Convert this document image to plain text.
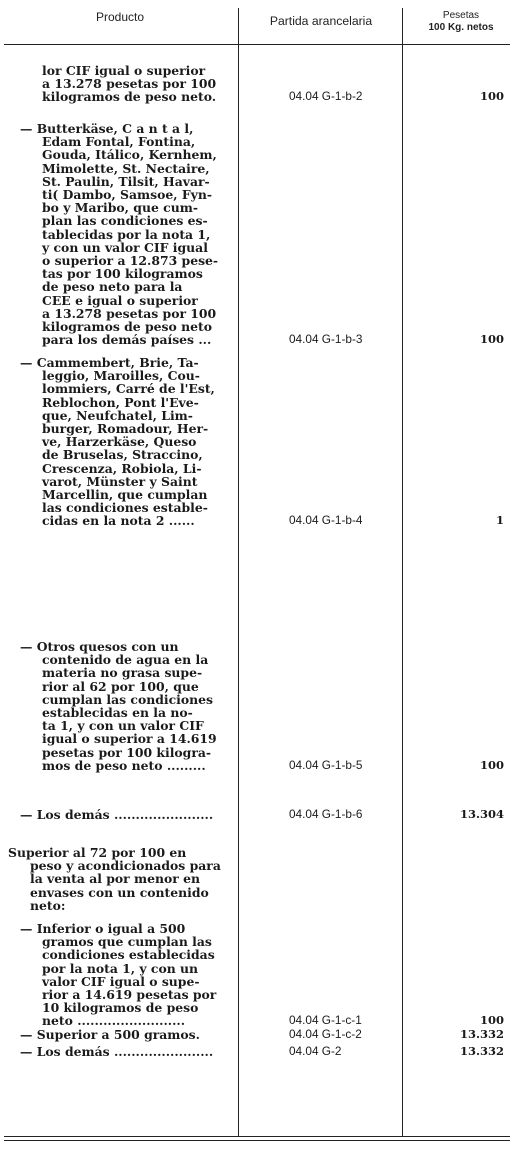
Producto	Partida arancelaria	Pesetas
100 Kg. netos
lor CIF igual o superior
a 13.278 pesetas por 100
kilogramos de peso neto.	04.04 G-1-b-2	100
— Butterkäse, C a n t a l,
Edam Fontal, Fontina,
Gouda, Itálico, Kernhem,
Mimolette, St. Nectaire,
St. Paulin, Tilsit, Havar-
ti( Dambo, Samsoe, Fyn-
bo y Maribo, que cum-
plan las condiciones es-
tablecidas por la nota 1,
y con un valor CIF igual
o superior a 12.873 pese-
tas por 100 kilogramos
de peso neto para la
CEE e igual o superior
a 13.278 pesetas por 100
kilogramos de peso neto
para los demás países ...	04.04 G-1-b-3	100
— Cammembert, Brie, Ta-
leggio, Maroilles, Cou-
lommiers, Carré de l'Est,
Reblochon, Pont l'Eve-
que, Neufchatel, Lim-
burger, Romadour, Her-
ve, Harzerkäse, Queso
de Bruselas, Straccino,
Crescenza, Robiola, Li-
varot, Münster y Saint
Marcellin, que cumplan
las condiciones estable-
cidas en la nota 2 ......	04.04 G-1-b-4	1
— Otros quesos con un
contenido de agua en la
materia no grasa supe-
rior al 62 por 100, que
cumplan las condiciones
establecidas en la no-
ta 1, y con un valor CIF
igual o superior a 14.619
pesetas por 100 kilogra-
mos de peso neto .........	04.04 G-1-b-5	100
— Los demás .......................	04.04 G-1-b-6	13.304
Superior al 72 por 100 en
peso y acondicionados para
la venta al por menor en
envases con un contenido
neto:
— Inferior o igual a 500
gramos que cumplan las
condiciones establecidas
por la nota 1, y con un
valor CIF igual o supe-
rior a 14.619 pesetas por
10 kilogramos de peso
neto .........................	04.04 G-1-c-1	100
— Superior a 500 gramos.	04.04 G-1-c-2	13.332
— Los demás .......................	04.04 G-2	13.332
